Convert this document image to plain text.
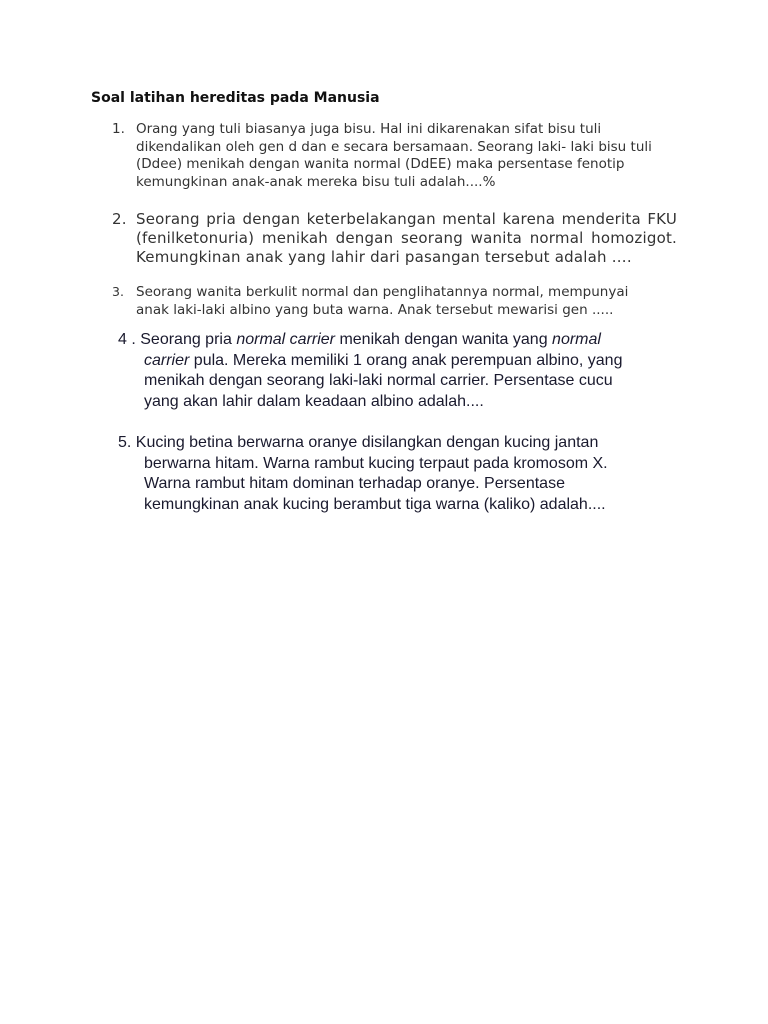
Soal latihan hereditas pada Manusia
1. Orang yang tuli biasanya juga bisu. Hal ini dikarenakan sifat bisu tuli
dikendalikan oleh gen d dan e secara bersamaan. Seorang laki- laki bisu tuli
(Ddee) menikah dengan wanita normal (DdEE) maka persentase fenotip
kemungkinan anak-anak mereka bisu tuli adalah....%
2. Seorang pria dengan keterbelakangan mental karena menderita FKU
(fenilketonuria) menikah dengan seorang wanita normal homozigot.
Kemungkinan anak yang lahir dari pasangan tersebut adalah ….
3. Seorang wanita berkulit normal dan penglihatannya normal, mempunyai
anak laki-laki albino yang buta warna. Anak tersebut mewarisi gen .....
4 . Seorang pria normal carrier menikah dengan wanita yang normal
carrier pula. Mereka memiliki 1 orang anak perempuan albino, yang
menikah dengan seorang laki-laki normal carrier. Persentase cucu
yang akan lahir dalam keadaan albino adalah....
5. Kucing betina berwarna oranye disilangkan dengan kucing jantan
berwarna hitam. Warna rambut kucing terpaut pada kromosom X.
Warna rambut hitam dominan terhadap oranye. Persentase
kemungkinan anak kucing berambut tiga warna (kaliko) adalah....
